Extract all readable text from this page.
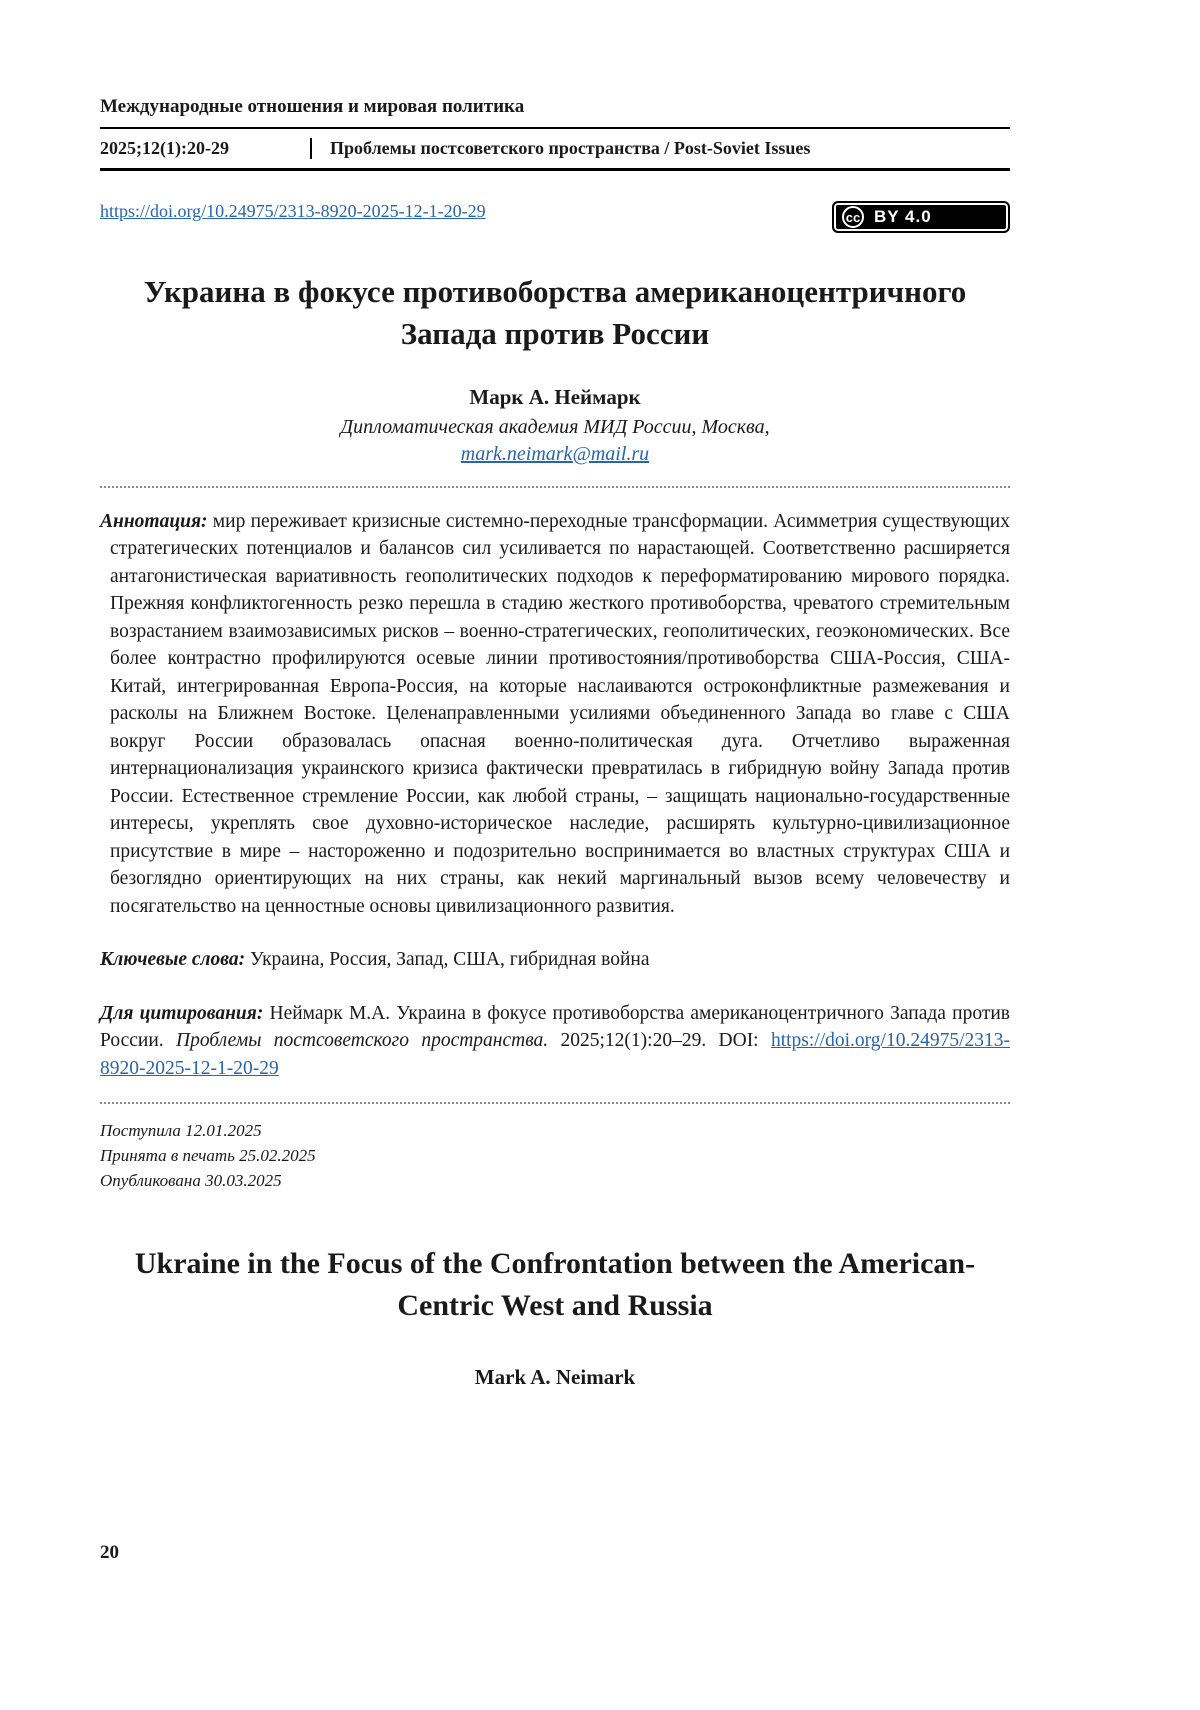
Международные отношения и мировая политика
2025;12(1):20-29	Проблемы постсоветского пространства / Post-Soviet Issues
https://doi.org/10.24975/2313-8920-2025-12-1-20-29	cc BY 4.0
Украина в фокусе противоборства американоцентричного Запада против России
Марк А. Неймарк
Дипломатическая академия МИД России, Москва,
mark.neimark@mail.ru

Аннотация: мир переживает кризисные системно-переходные трансформации. Асимметрия существующих стратегических потенциалов и балансов сил усиливается по нарастающей. Соответственно расширяется антагонистическая вариативность геополитических подходов к переформатированию мирового порядка. Прежняя конфликтогенность резко перешла в стадию жесткого противоборства, чреватого стремительным возрастанием взаимозависимых рисков – военно-стратегических, геополитических, геоэкономических. Все более контрастно профилируются осевые линии противостояния/противоборства США-Россия, США-Китай, интегрированная Европа-Россия, на которые наслаиваются остроконфликтные размежевания и расколы на Ближнем Востоке. Целенаправленными усилиями объединенного Запада во главе с США вокруг России образовалась опасная военно-политическая дуга. Отчетливо выраженная интернационализация украинского кризиса фактически превратилась в гибридную войну Запада против России. Естественное стремление России, как любой страны, – защищать национально-государственные интересы, укреплять свое духовно-историческое наследие, расширять культурно-цивилизационное присутствие в мире – настороженно и подозрительно воспринимается во властных структурах США и безоглядно ориентирующих на них страны, как некий маргинальный вызов всему человечеству и посягательство на ценностные основы цивилизационного развития.

Ключевые слова: Украина, Россия, Запад, США, гибридная война

Для цитирования: Неймарк М.А. Украина в фокусе противоборства американоцентричного Запада против России. Проблемы постсоветского пространства. 2025;12(1):20–29. DOI: https://doi.org/10.24975/2313-8920-2025-12-1-20-29

Поступила 12.01.2025
Принята в печать 25.02.2025
Опубликована 30.03.2025
Ukraine in the Focus of the Confrontation between the American-Centric West and Russia
Mark A. Neimark
20
